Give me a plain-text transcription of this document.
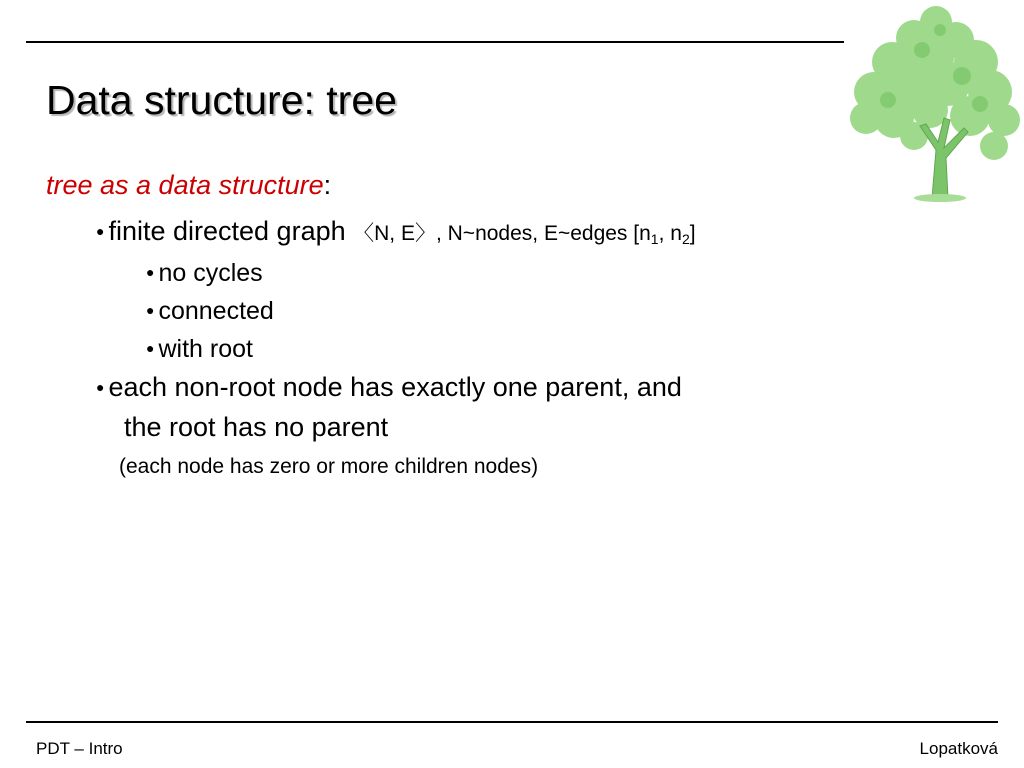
Data structure: tree
tree as a data structure:
● finite directed graph 〈N, E〉, N~nodes, E~edges [$n_1$, $n_2$]
● no cycles
● connected
● with root
● each non-root node has exactly one parent, and
the root has no parent
(each node has zero or more children nodes)
PDT – Intro	Lopatková
